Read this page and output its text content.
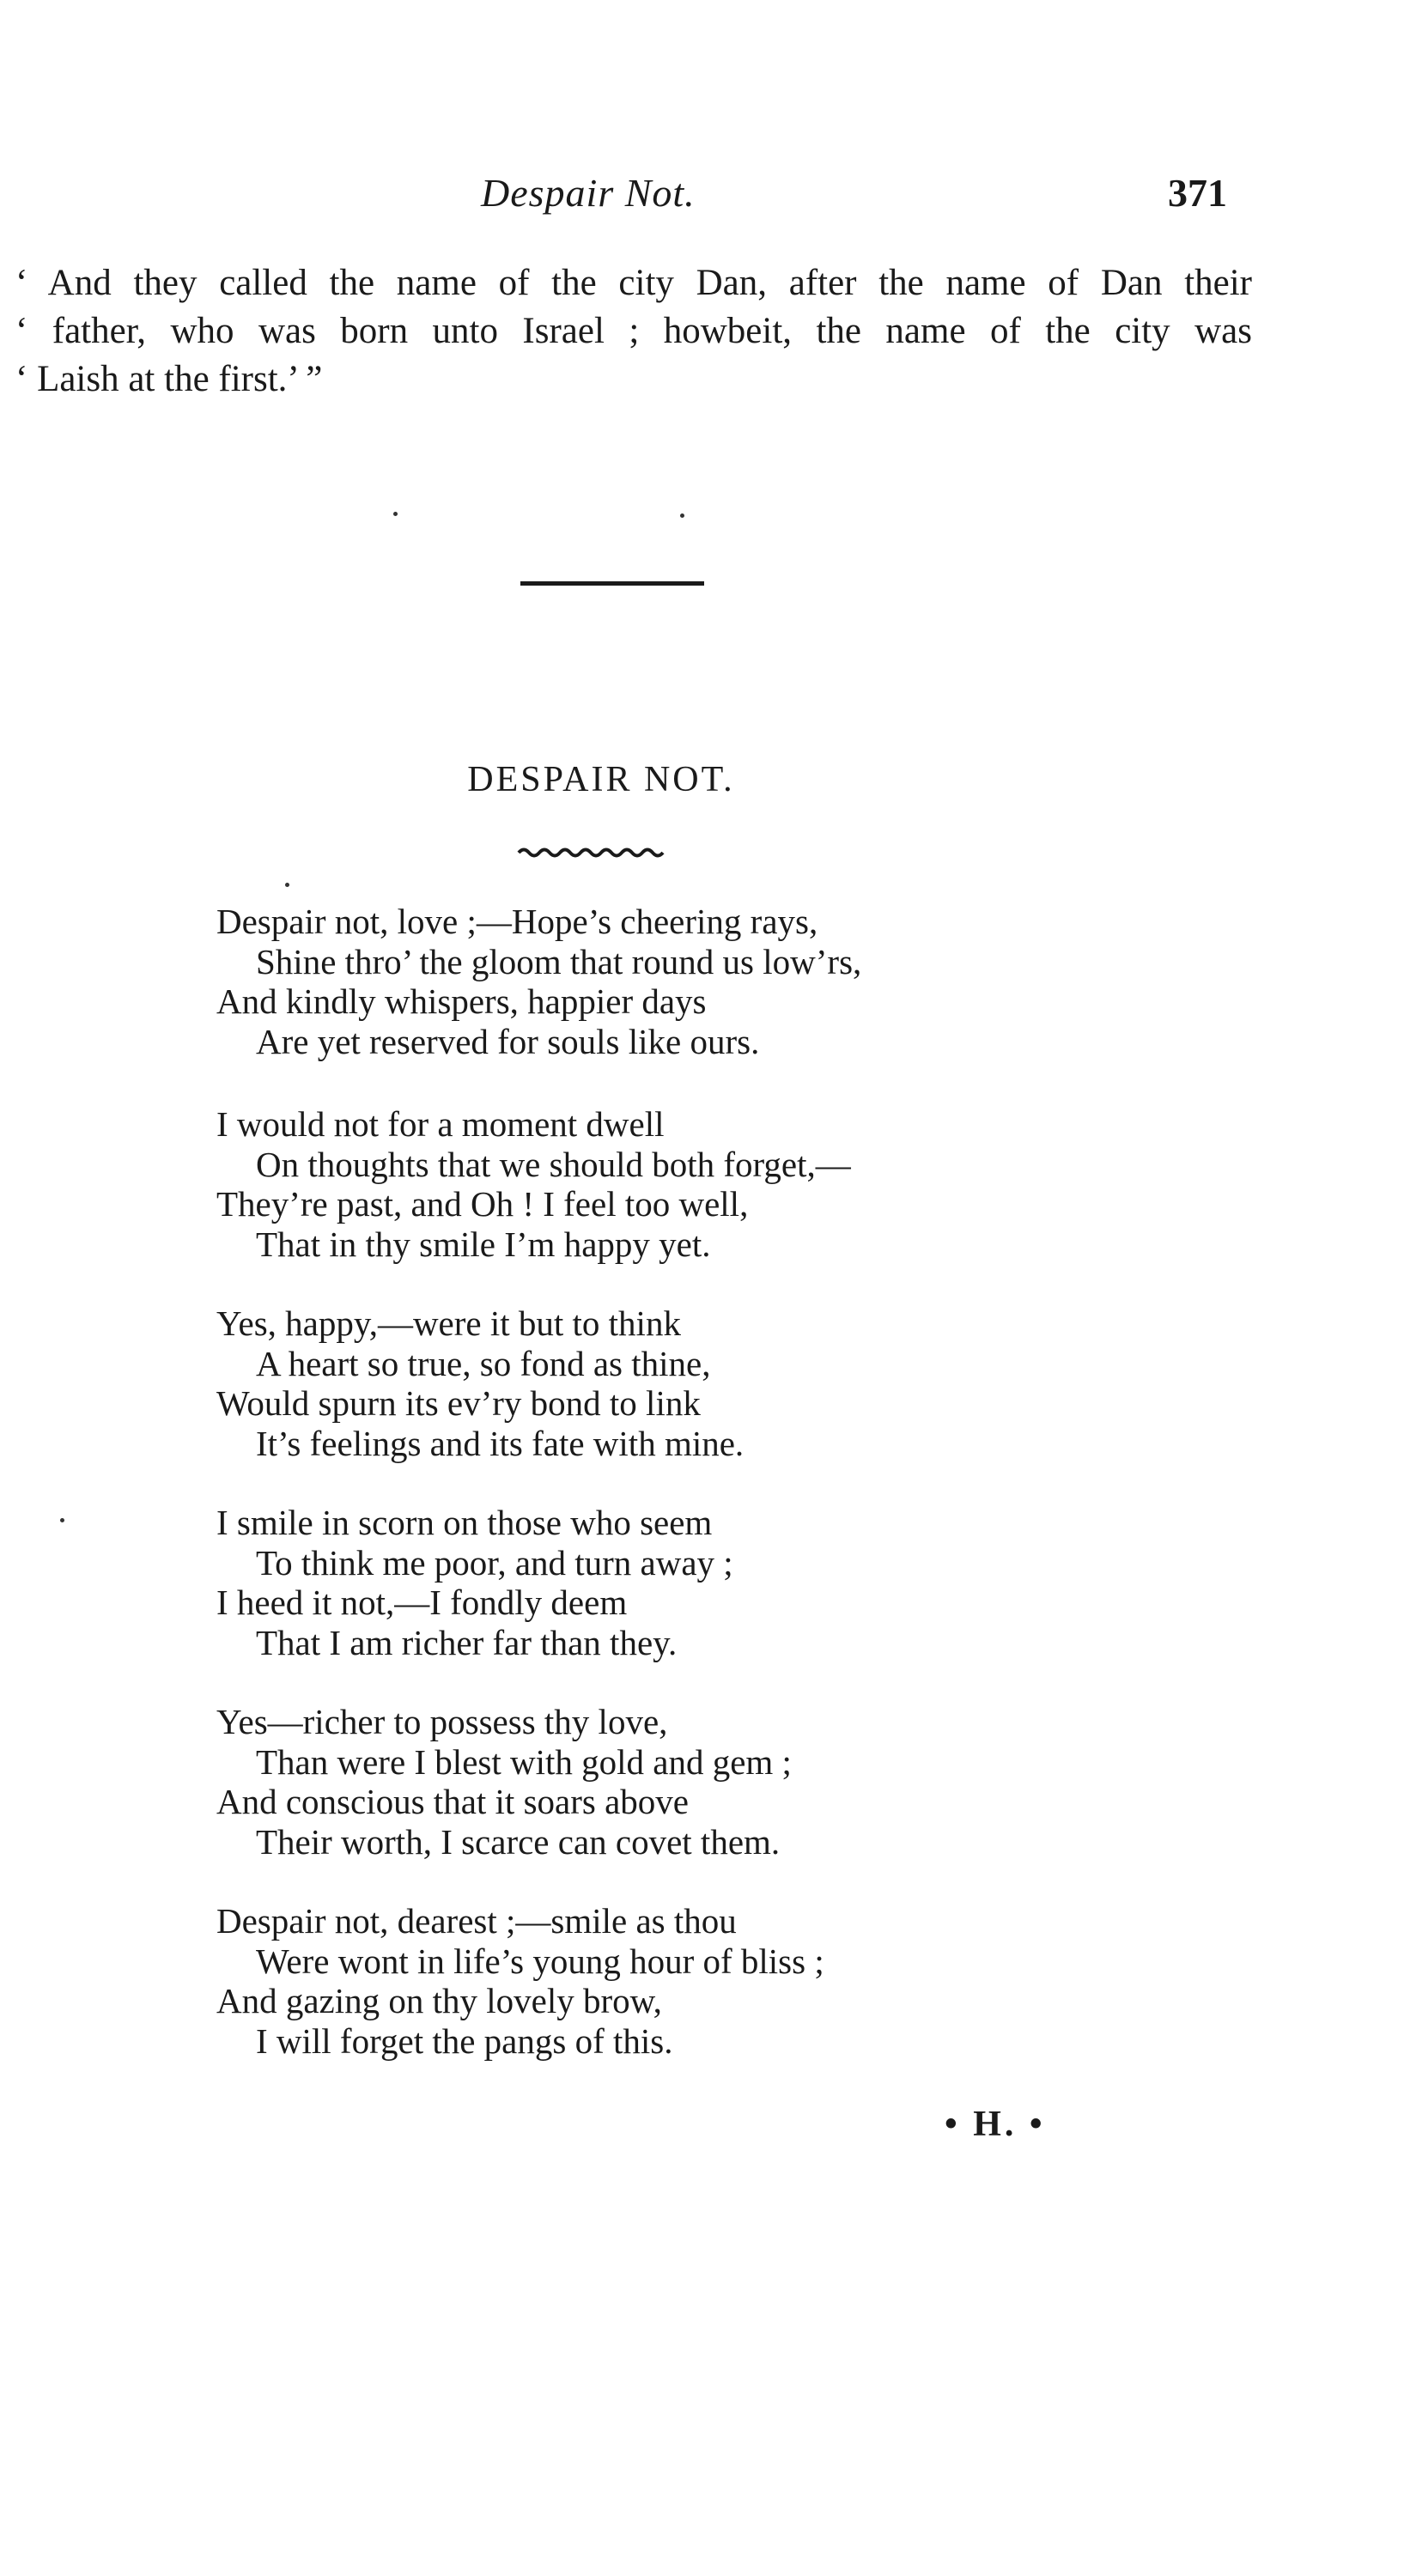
Despair Not.	371
‘ And they called the name of the city Dan, after the name of Dan their
‘ father, who was born unto Israel ; howbeit, the name of the city was
‘ Laish at the first.’ ”
DESPAIR NOT.
Despair not, love ;—Hope’s cheering rays,
Shine thro’ the gloom that round us low’rs,
And kindly whispers, happier days
Are yet reserved for souls like ours.
I would not for a moment dwell
On thoughts that we should both forget,—
They’re past, and Oh ! I feel too well,
That in thy smile I’m happy yet.
Yes, happy,—were it but to think
A heart so true, so fond as thine,
Would spurn its ev’ry bond to link
It’s feelings and its fate with mine.
I smile in scorn on those who seem
To think me poor, and turn away ;
I heed it not,—I fondly deem
That I am richer far than they.
Yes—richer to possess thy love,
Than were I blest with gold and gem ;
And conscious that it soars above
Their worth, I scarce can covet them.
Despair not, dearest ;—smile as thou
Were wont in life’s young hour of bliss ;
And gazing on thy lovely brow,
I will forget the pangs of this.
• H. •
